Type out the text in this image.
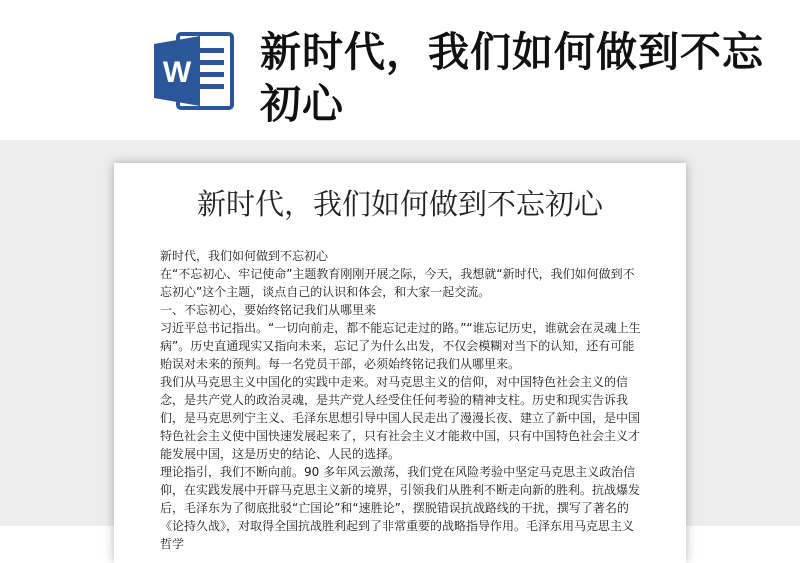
W 新时代，我们如何做到不忘初心
新时代，我们如何做到不忘初心

新时代，我们如何做到不忘初心

在“不忘初心、牢记使命”主题教育刚刚开展之际，今天，我想就“新时代，我们如何做到不忘初心”这个主题，谈点自己的认识和体会，和大家一起交流。

一、不忘初心，要始终铭记我们从哪里来

习近平总书记指出。“一切向前走，都不能忘记走过的路。”“谁忘记历史，谁就会在灵魂上生病”。历史直通现实又指向未来，忘记了为什么出发，不仅会模糊对当下的认知，还有可能贻误对未来的预判。每一名党员干部，必须始终铭记我们从哪里来。

我们从马克思主义中国化的实践中走来。对马克思主义的信仰，对中国特色社会主义的信念，是共产党人的政治灵魂，是共产党人经受住任何考验的精神支柱。历史和现实告诉我们，是马克思列宁主义、毛泽东思想引导中国人民走出了漫漫长夜、建立了新中国，是中国特色社会主义使中国快速发展起来了，只有社会主义才能救中国，只有中国特色社会主义才能发展中国，这是历史的结论、人民的选择。

理论指引，我们不断向前。90 多年风云激荡，我们党在风险考验中坚定马克思主义政治信仰，在实践发展中开辟马克思主义新的境界，引领我们从胜利不断走向新的胜利。抗战爆发后，毛泽东为了彻底批驳“亡国论”和“速胜论”，摆脱错误抗战路线的干扰，撰写了著名的《论持久战》，对取得全国抗战胜利起到了非常重要的战略指导作用。毛泽东用马克思主义哲学
